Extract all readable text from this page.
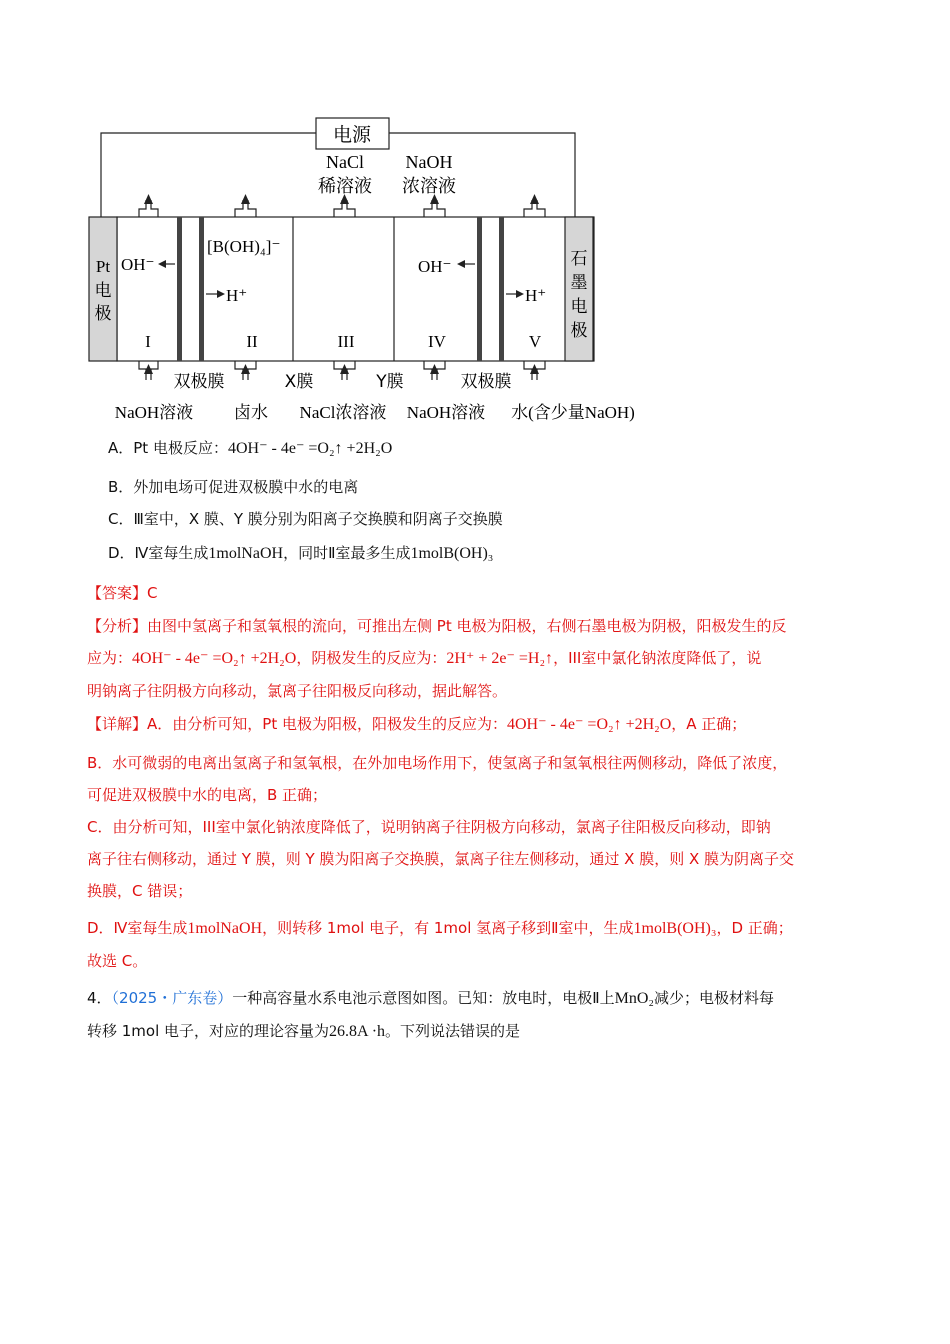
电源
Pt
电
极
石
墨
电
极
NaCl
稀溶液
NaOH
浓溶液
OH⁻
[B(OH)₄]⁻
H⁺
OH⁻
H⁺
I	II	III	IV	V
双极膜	X膜	Y膜	双极膜
NaOH溶液 卤水 NaCl浓溶液 NaOH溶液 水(含少量NaOH)
A．Pt 电极反应：4OH⁻ - 4e⁻ =O₂↑ +2H₂O
B．外加电场可促进双极膜中水的电离
C．Ⅲ室中，X 膜、Y 膜分别为阳离子交换膜和阴离子交换膜
D．Ⅳ室每生成1molNaOH，同时Ⅱ室最多生成1molB(OH)₃
【答案】C
【分析】由图中氢离子和氢氧根的流向，可推出左侧 Pt 电极为阳极，右侧石墨电极为阴极，阳极发生的反
应为：4OH⁻ - 4e⁻ =O₂↑ +2H₂O，阴极发生的反应为：2H⁺ + 2e⁻ =H₂↑，III室中氯化钠浓度降低了，说
明钠离子往阴极方向移动，氯离子往阳极反向移动，据此解答。
【详解】A．由分析可知，Pt 电极为阳极，阳极发生的反应为：4OH⁻ - 4e⁻ =O₂↑ +2H₂O，A 正确；
B．水可微弱的电离出氢离子和氢氧根，在外加电场作用下，使氢离子和氢氧根往两侧移动，降低了浓度，
可促进双极膜中水的电离，B 正确；
C．由分析可知，III室中氯化钠浓度降低了，说明钠离子往阴极方向移动，氯离子往阳极反向移动，即钠
离子往右侧移动，通过 Y 膜，则 Y 膜为阳离子交换膜，氯离子往左侧移动，通过 X 膜，则 X 膜为阴离子交
换膜，C 错误；
D．Ⅳ室每生成1molNaOH，则转移 1mol 电子，有 1mol 氢离子移到Ⅱ室中，生成1molB(OH)₃，D 正确；
故选 C。
4．（2025・广东卷）一种高容量水系电池示意图如图。已知：放电时，电极Ⅱ上MnO₂减少；电极材料每
转移 1mol 电子，对应的理论容量为26.8A ·h。下列说法错误的是
